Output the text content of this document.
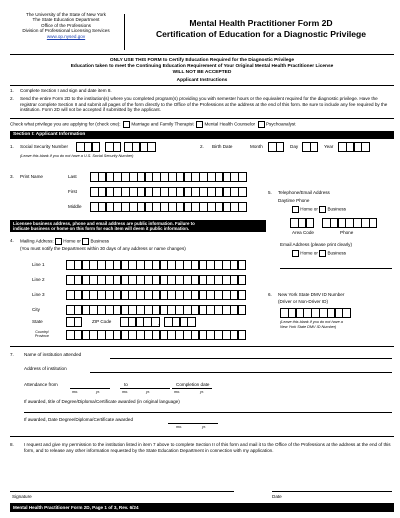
The University of the State of New York
The State Education Department
Office of the Professions
Division of Professional Licensing Services
www.op.nysed.gov
Mental Health Practitioner Form 2D
Certification of Education for a Diagnostic Privilege
ONLY USE THIS FORM to Certify Education Required for the Diagnostic Privilege
Education taken to meet the Continuing Education Requirement of Your Original Mental Health Practitioner License
WILL NOT BE ACCEPTED
Applicant Instructions
1. Complete Section I and sign and date item 8.
2. Send the entire Form 2D to the institution(s) where you completed program(s) providing you with semester hours or the equivalent required for the diagnostic privilege. Have the registrar complete Section II and submit all pages of the form directly to the Office of the Professions at the address at the end of this form. Be sure to include any fee required by the institution. Form 2D will not be accepted if submitted by the applicant.
Check what privilege you are applying for (check one): Marriage and Family Therapist Mental Health Counselor Psychoanalyst
Section I: Applicant Information
1. Social Security Number
(Leave this blank if you do not have a U.S. Social Security Number)
2. Birth Date	Month	Day	Year
3. Print Name	Last
First
Middle
5. Telephone/Email Address
Daytime Phone
Home or Business
Area Code	Phone
Email Address (please print clearly)
Home or Business
Licensee business address, phone and email address are public information. Failure to
indicate business or home on this form for each item will deem it public information.
4. Mailing Address: Home or Business
(You must notify the Department within 30 days of any address or name changes)
Line 1
Line 2
Line 3
City
State	ZIP Code
-
Country/ Province
6. New York State DMV ID Number
(Driver or Non-Driver ID)
(Leave this blank if you do not have a
New York State DMV ID Number)
7. Name of institution attended
Address of institution
Attendance from	to	Completion date
mo.	yr.	mo.	yr.	mo.	yr.
If awarded, title of Degree/Diploma/Certificate awarded (in original language)
If awarded, Date Degree/Diploma/Certificate awarded
mo.	yr.
8. I request and give my permission to the institution listed in item 7 above to complete Section II of this form and mail it to the Office of the Professions at the address at the end of this form, and to release any other information requested by the State Education Department in connection with my application.
Signature	Date
Mental Health Practitioner Form 2D, Page 1 of 3, Rev. 6/24
